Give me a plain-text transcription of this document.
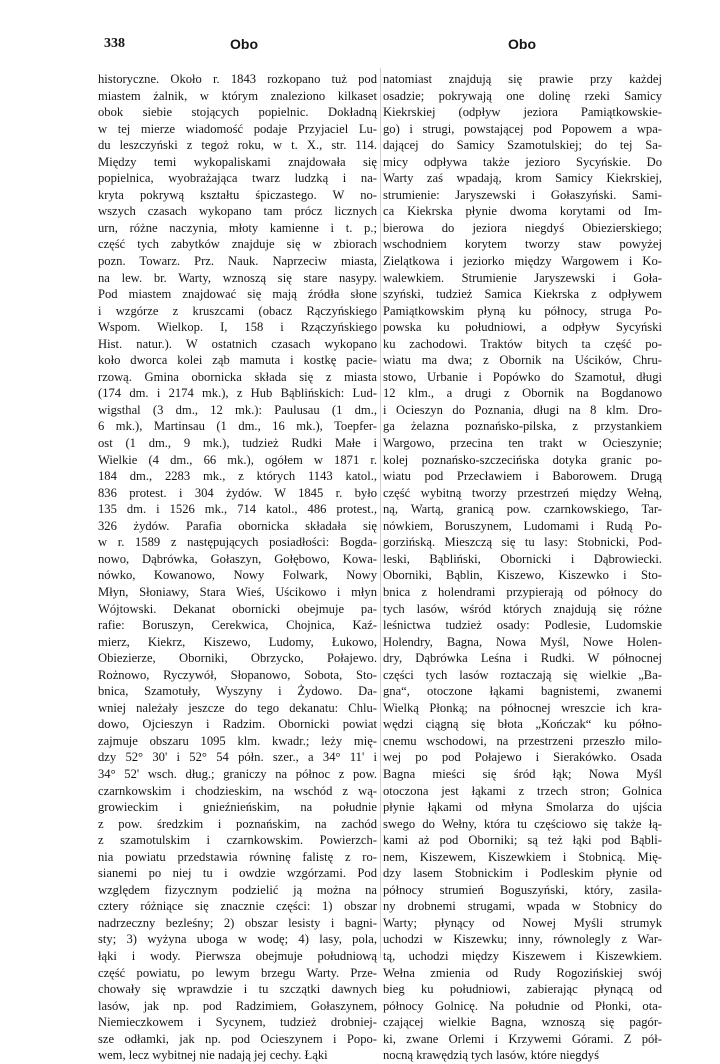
338	Obo	Obo
historyczne. Około r. 1843 rozkopano tuż pod
miastem żalnik, w którym znaleziono kilkaset
obok siebie stojących popielnic. Dokładną
w tej mierze wiadomość podaje Przyjaciel Lu-
du leszczyński z tegoż roku, w t. X., str. 114.
Między temi wykopaliskami znajdowała się
popielnica, wyobrażająca twarz ludzką i na-
kryta pokrywą kształtu śpiczastego. W no-
wszych czasach wykopano tam prócz licznych
urn, różne naczynia, młoty kamienne i t. p.;
część tych zabytków znajduje się w zbiorach
pozn. Towarz. Prz. Nauk. Naprzeciw miasta,
na lew. br. Warty, wznoszą się stare nasypy.
Pod miastem znajdować się mają źródła słone
i wzgórze z kruszcami (obacz Rączyńskiego
Wspom. Wielkop. I, 158 i Rzączyńskiego
Hist. natur.). W ostatnich czasach wykopano
koło dworca kolei ząb mamuta i kostkę pacie-
rzową. Gmina obornicka składa się z miasta
(174 dm. i 2174 mk.), z Hub Bąblińskich: Lud-
wigsthal (3 dm., 12 mk.): Paulusau (1 dm.,
6 mk.), Martinsau (1 dm., 16 mk.), Toepfer-
ost (1 dm., 9 mk.), tudzież Rudki Małe i
Wielkie (4 dm., 66 mk.), ogółem w 1871 r.
184 dm., 2283 mk., z których 1143 katol.,
836 protest. i 304 żydów. W 1845 r. było
135 dm. i 1526 mk., 714 katol., 486 protest.,
326 żydów. Parafia obornicka składała się
w r. 1589 z następujących posiadłości: Bogda-
nowo, Dąbrówka, Gołaszyn, Gołębowo, Kowa-
nówko, Kowanowo, Nowy Folwark, Nowy
Młyn, Słoniawy, Stara Wieś, Uścikowo i młyn
Wójtowski. Dekanat obornicki obejmuje pa-
rafie: Boruszyn, Cerekwica, Chojnica, Kaź-
mierz, Kiekrz, Kiszewo, Ludomy, Łukowo,
Obiezierze, Oborniki, Obrzycko, Połajewo.
Rożnowo, Ryczywół, Słopanowo, Sobota, Sto-
bnica, Szamotuły, Wyszyny i Żydowo. Da-
wniej należały jeszcze do tego dekanatu: Chlu-
dowo, Ojcieszyn i Radzim. Obornicki powiat
zajmuje obszaru 1095 klm. kwadr.; leży mię-
dzy 52° 30' i 52° 54 półn. szer., a 34° 11' i
34° 52' wsch. dług.; graniczy na północ z pow.
czarnkowskim i chodzieskim, na wschód z wą-
growieckim i gnieźnieńskim, na południe
z pow. średzkim i poznańskim, na zachód
z szamotulskim i czarnkowskim. Powierzch-
nia powiatu przedstawia równinę falistę z ro-
sianemi po niej tu i owdzie wzgórzami. Pod
względem fizycznym podzielić ją można na
cztery różniące się znacznie części: 1) obszar
nadrzeczny bezleśny; 2) obszar lesisty i bagni-
sty; 3) wyżyna uboga w wodę; 4) lasy, pola,
łąki i wody. Pierwsza obejmuje południową
część powiatu, po lewym brzegu Warty. Prze-
chowały się wprawdzie i tu szczątki dawnych
lasów, jak np. pod Radzimiem, Gołaszynem,
Niemieczkowem i Sycynem, tudzież drobniej-
sze odłamki, jak np. pod Ocieszynem i Popo-
wem, lecz wybitnej nie nadają jej cechy. Łąki
natomiast znajdują się prawie przy każdej
osadzie; pokrywają one dolinę rzeki Samicy
Kiekrskiej (odpływ jeziora Pamiątkowskie-
go) i strugi, powstającej pod Popowem a wpa-
dającej do Samicy Szamotulskiej; do tej Sa-
micy odpływa także jezioro Sycyńskie. Do
Warty zaś wpadają, krom Samicy Kiekrskiej,
strumienie: Jaryszewski i Gołaszyński. Sami-
ca Kiekrska płynie dwoma korytami od Im-
bierowa do jeziora niegdyś Obiezierskiego;
wschodniem korytem tworzy staw powyżej
Zielątkowa i jeziorko między Wargowem i Ko-
walewkiem. Strumienie Jaryszewski i Goła-
szyński, tudzież Samica Kiekrska z odpływem
Pamiątkowskim płyną ku północy, struga Po-
powska ku południowi, a odpływ Sycyński
ku zachodowi. Traktów bitych ta część po-
wiatu ma dwa; z Obornik na Uścików, Chru-
stowo, Urbanie i Popówko do Szamotuł, długi
12 klm., a drugi z Obornik na Bogdanowo
i Ocieszyn do Poznania, długi na 8 klm. Dro-
ga żelazna poznańsko-pilska, z przystankiem
Wargowo, przecina ten trakt w Ocieszynie;
kolej poznańsko-szczecińska dotyka granic po-
wiatu pod Przecławiem i Baborowem. Drugą
część wybitną tworzy przestrzeń między Wełną,
ną, Wartą, granicą pow. czarnkowskiego, Tar-
nówkiem, Boruszynem, Ludomami i Rudą Po-
gorzińską. Mieszczą się tu lasy: Stobnicki, Pod-
leski, Bąbliński, Obornicki i Dąbrowiecki.
Oborniki, Bąblin, Kiszewo, Kiszewko i Sto-
bnica z holendrami przypierają od północy do
tych lasów, wśród których znajdują się różne
leśnictwa tudzież osady: Podlesie, Ludomskie
Holendry, Bagna, Nowa Myśl, Nowe Holen-
dry, Dąbrówka Leśna i Rudki. W północnej
części tych lasów roztaczają się wielkie „Ba-
gna“, otoczone łąkami bagnistemi, zwanemi
Wielką Płonką; na północnej wreszcie ich kra-
wędzi ciągną się błota „Kończak“ ku półno-
cnemu wschodowi, na przestrzeni przeszło milo-
wej po pod Połajewo i Sierakówko. Osada
Bagna mieści się śród łąk; Nowa Myśl
otoczona jest łąkami z trzech stron; Golnica
płynie łąkami od młyna Smolarza do ujścia
swego do Wełny, która tu częściowo się także łą-
kami aż pod Oborniki; są też łąki pod Bąbli-
nem, Kiszewem, Kiszewkiem i Stobnicą. Mię-
dzy lasem Stobnickim i Podleskim płynie od
północy strumień Boguszyński, który, zasila-
ny drobnemi strugami, wpada w Stobnicy do
Warty; płynący od Nowej Myśli strumyk
uchodzi w Kiszewku; inny, równolegly z War-
tą, uchodzi między Kiszewem i Kiszewkiem.
Wełna zmienia od Rudy Rogozińskiej swój
bieg ku południowi, zabierając płynącą od
północy Golnicę. Na południe od Płonki, ota-
czającej wielkie Bagna, wznoszą się pagór-
ki, zwane Orlemi i Krzywemi Górami. Z pół-
nocną krawędzią tych lasów, które niegdyś
